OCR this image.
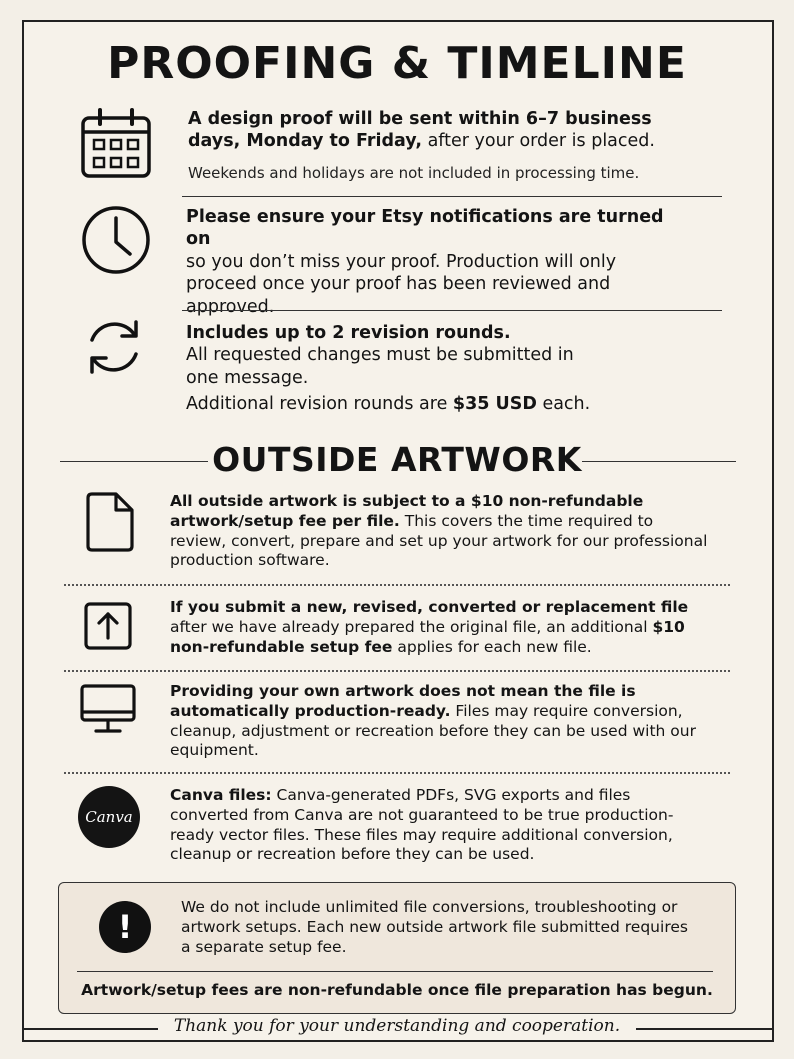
PROOFING & TIMELINE
A design proof will be sent within 6–7 business days, Monday to Friday, after your order is placed.
Weekends and holidays are not included in processing time.
Please ensure your Etsy notifications are turned on
so you don’t miss your proof. Production will only proceed once your proof has been reviewed and approved.
Includes up to 2 revision rounds.
All requested changes must be submitted in one message.
Additional revision rounds are $35 USD each.
OUTSIDE ARTWORK
All outside artwork is subject to a $10 non-refundable artwork/setup fee per file. This covers the time required to review, convert, prepare and set up your artwork for our professional production software.
If you submit a new, revised, converted or replacement file after we have already prepared the original file, an additional $10 non-refundable setup fee applies for each new file.
Providing your own artwork does not mean the file is automatically production-ready. Files may require conversion, cleanup, adjustment or recreation before they can be used with our equipment.
Canva
Canva files: Canva-generated PDFs, SVG exports and files converted from Canva are not guaranteed to be true production-ready vector files. These files may require additional conversion, cleanup or recreation before they can be used.
!
We do not include unlimited file conversions, troubleshooting or artwork setups. Each new outside artwork file submitted requires a separate setup fee.
Artwork/setup fees are non-refundable once file preparation has begun.
Thank you for your understanding and cooperation.
